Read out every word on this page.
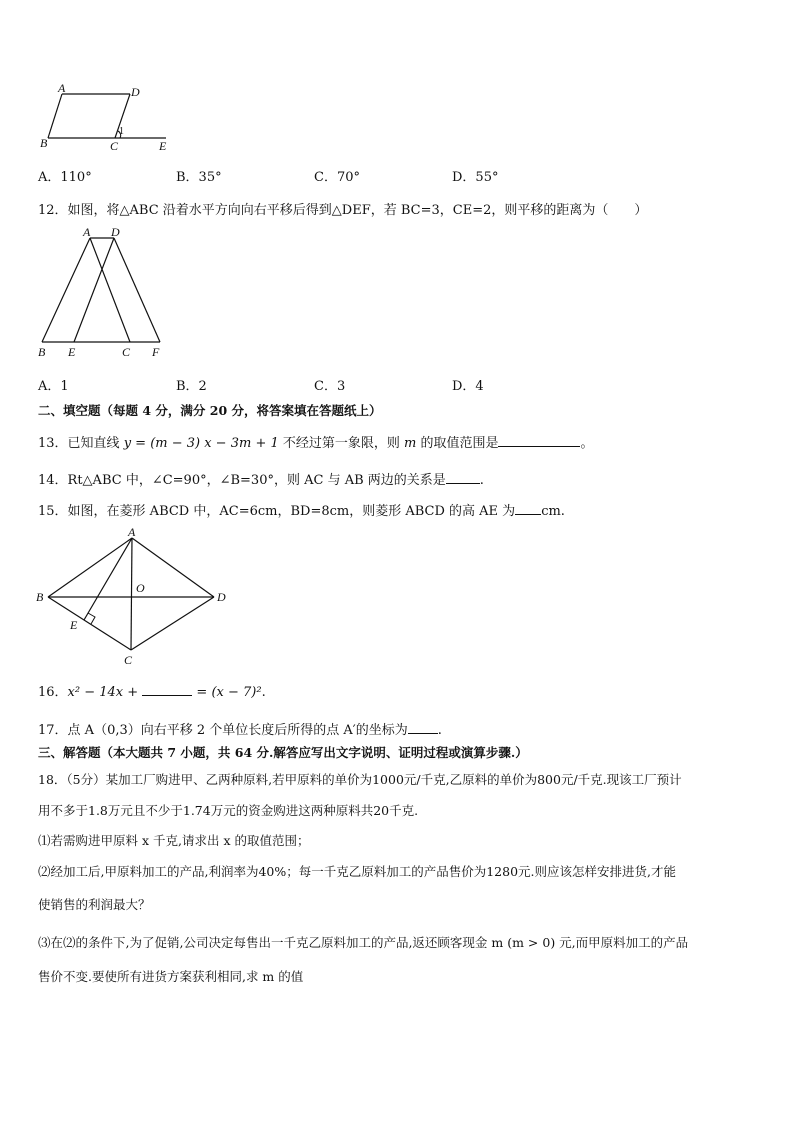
A	D
B	C
1
E
A．110°	B．35°	C．70°	D．55°
12．如图，将△ABC 沿着水平方向向右平移后得到△DEF，若 BC=3，CE=2，则平移的距离为（　　）
A D
B E	C F
A．1	B．2	C．3	D．4
二、填空题（每题 4 分，满分 20 分，将答案填在答题纸上）
13．已知直线 y = (m − 3) x − 3m + 1 不经过第一象限，则 m 的取值范围是	。
14．Rt△ABC 中，∠C=90°，∠B=30°，则 AC 与 AB 两边的关系是	.
15．如图，在菱形 ABCD 中，AC=6cm，BD=8cm，则菱形 ABCD 的高 AE 为 cm.
A
B
O
D
E
C
16．x² − 14x +	= (x − 7)².
17．点 A（0,3）向右平移 2 个单位长度后所得的点 A′的坐标为 .
三、解答题（本大题共 7 小题，共 64 分.解答应写出文字说明、证明过程或演算步骤.）
18．（5分）某加工厂购进甲、乙两种原料,若甲原料的单价为1000元/千克,乙原料的单价为800元/千克.现该工厂预计
用不多于1.8万元且不少于1.74万元的资金购进这两种原料共20千克.
⑴若需购进甲原料 x 千克,请求出 x 的取值范围；
⑵经加工后,甲原料加工的产品,利润率为40%；每一千克乙原料加工的产品售价为1280元.则应该怎样安排进货,才能
使销售的利润最大？
⑶在⑵的条件下,为了促销,公司决定每售出一千克乙原料加工的产品,返还顾客现金 m (m > 0) 元,而甲原料加工的产品
售价不变.要使所有进货方案获利相同,求 m 的值
